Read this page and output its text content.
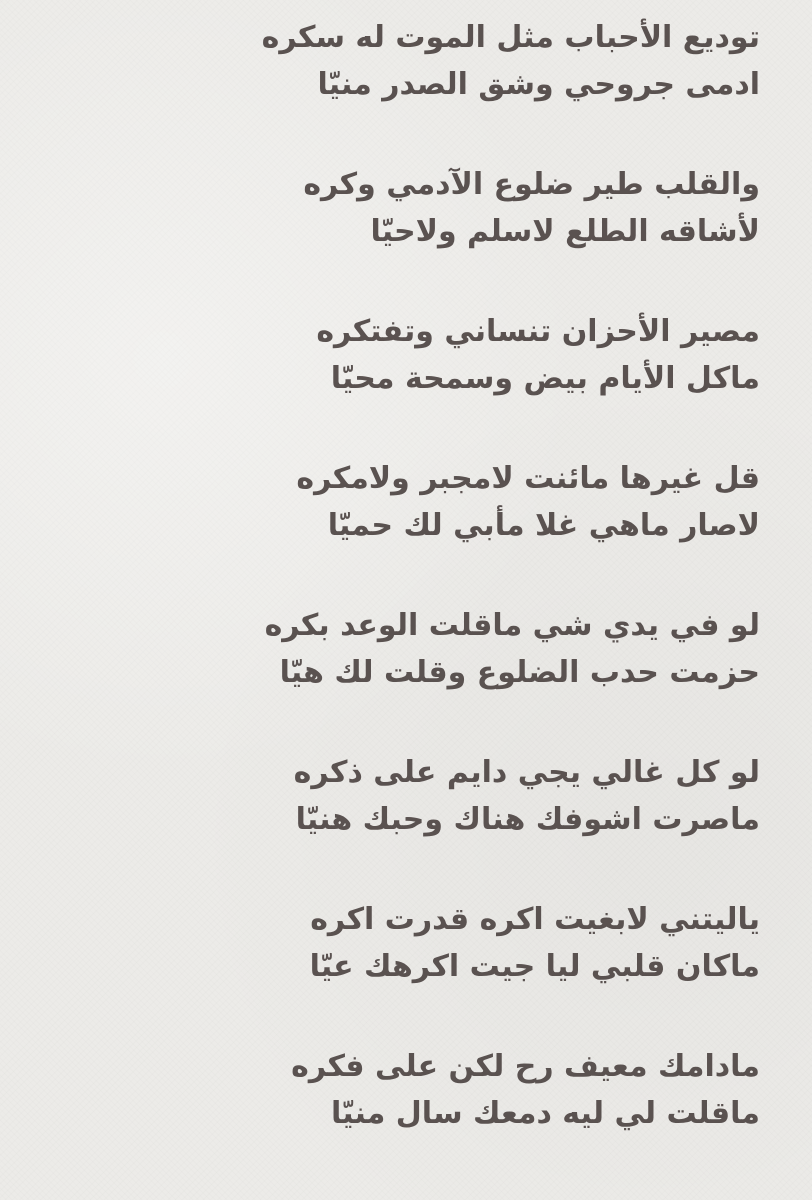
توديع الأحباب مثل الموت له سكره
ادمى جروحي وشق الصدر منيّا
والقلب طير ضلوع الآدمي وكره
لأشاقه الطلع لاسلم ولاحيّا
مصير الأحزان تنساني وتفتكره
ماكل الأيام بيض وسمحة محيّا
قل غيرها مائنت لامجبر ولامكره
لاصار ماهي غلا مأبي لك حميّا
لو في يدي شي ماقلت الوعد بكره
حزمت حدب الضلوع وقلت لك هيّا
لو كل غالي يجي دايم على ذكره
ماصرت اشوفك هناك وحبك هنيّا
ياليتني لابغيت اكره قدرت اكره
ماكان قلبي ليا جيت اكرهك عيّا
مادامك معيف رح لكن على فكره
ماقلت لي ليه دمعك سال منيّا
